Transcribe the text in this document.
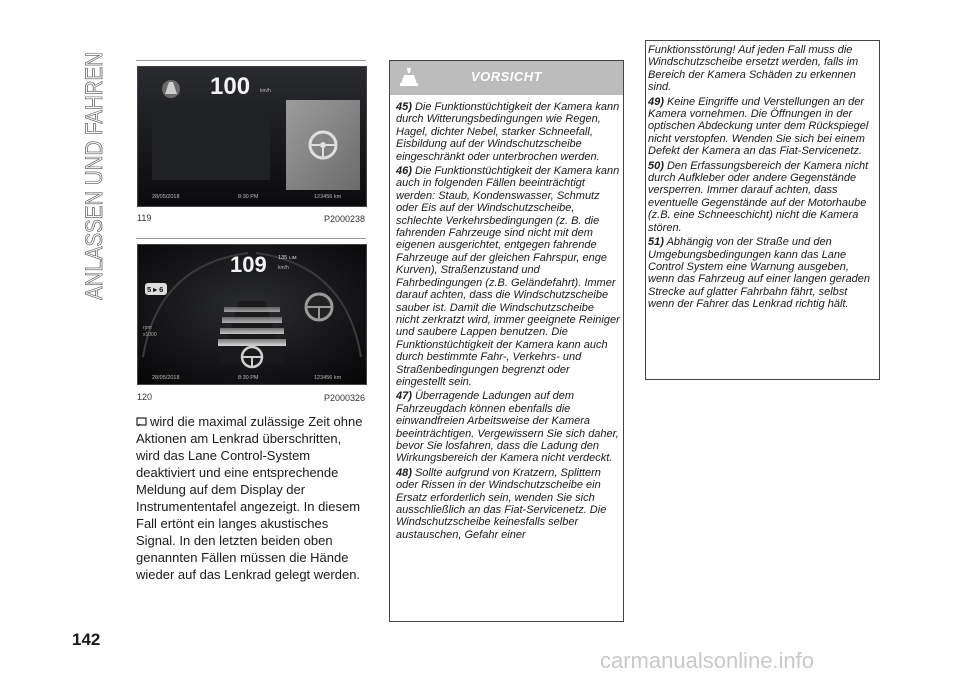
ANLASSEN UND FAHREN
142
100 km/h
28/05/2018	8:30 PM	123456 km
119	P2000238
5 ▸ 6
rpm
x1000
109 135 LIM
km/h
28/05/2018	8:30 PM	123456 km
120	P2000326
wird die maximal zulässige Zeit ohne Aktionen am Lenkrad überschritten, wird das Lane Control-System deaktiviert und eine entsprechende Meldung auf dem Display der Instrumententafel angezeigt. In diesem Fall ertönt ein langes akustisches Signal. In den letzten beiden oben genannten Fällen müssen die Hände wieder auf das Lenkrad gelegt werden.
VORSICHT

45) Die Funktionstüchtigkeit der Kamera kann durch Witterungsbedingungen wie Regen, Hagel, dichter Nebel, starker Schneefall, Eisbildung auf der Windschutzscheibe eingeschränkt oder unterbrochen werden.

46) Die Funktionstüchtigkeit der Kamera kann auch in folgenden Fällen beeinträchtigt werden: Staub, Kondenswasser, Schmutz oder Eis auf der Windschutzscheibe, schlechte Verkehrsbedingungen (z. B. die fahrenden Fahrzeuge sind nicht mit dem eigenen ausgerichtet, entgegen fahrende Fahrzeuge auf der gleichen Fahrspur, enge Kurven), Straßenzustand und Fahrbedingungen (z.B. Geländefahrt). Immer darauf achten, dass die Windschutzscheibe sauber ist. Damit die Windschutzscheibe nicht zerkratzt wird, immer geeignete Reiniger und saubere Lappen benutzen. Die Funktionstüchtigkeit der Kamera kann auch durch bestimmte Fahr-, Verkehrs- und Straßenbedingungen begrenzt oder eingestellt sein.

47) Überragende Ladungen auf dem Fahrzeugdach können ebenfalls die einwandfreien Arbeitsweise der Kamera beeinträchtigen. Vergewissern Sie sich daher, bevor Sie losfahren, dass die Ladung den Wirkungsbereich der Kamera nicht verdeckt.

48) Sollte aufgrund von Kratzern, Splittern oder Rissen in der Windschutzscheibe ein Ersatz erforderlich sein, wenden Sie sich ausschließlich an das Fiat-Servicenetz. Die Windschutzscheibe keinesfalls selber austauschen, Gefahr einer

Funktionsstörung! Auf jeden Fall muss die Windschutzscheibe ersetzt werden, falls im Bereich der Kamera Schäden zu erkennen sind.

49) Keine Eingriffe und Verstellungen an der Kamera vornehmen. Die Öffnungen in der optischen Abdeckung unter dem Rückspiegel nicht verstopfen. Wenden Sie sich bei einem Defekt der Kamera an das Fiat-Servicenetz.

50) Den Erfassungsbereich der Kamera nicht durch Aufkleber oder andere Gegenstände versperren. Immer darauf achten, dass eventuelle Gegenstände auf der Motorhaube (z.B. eine Schneeschicht) nicht die Kamera stören.

51) Abhängig von der Straße und den Umgebungsbedingungen kann das Lane Control System eine Warnung ausgeben, wenn das Fahrzeug auf einer langen geraden Strecke auf glatter Fahrbahn fährt, selbst wenn der Fahrer das Lenkrad richtig hält.

carmanualsonline.info
